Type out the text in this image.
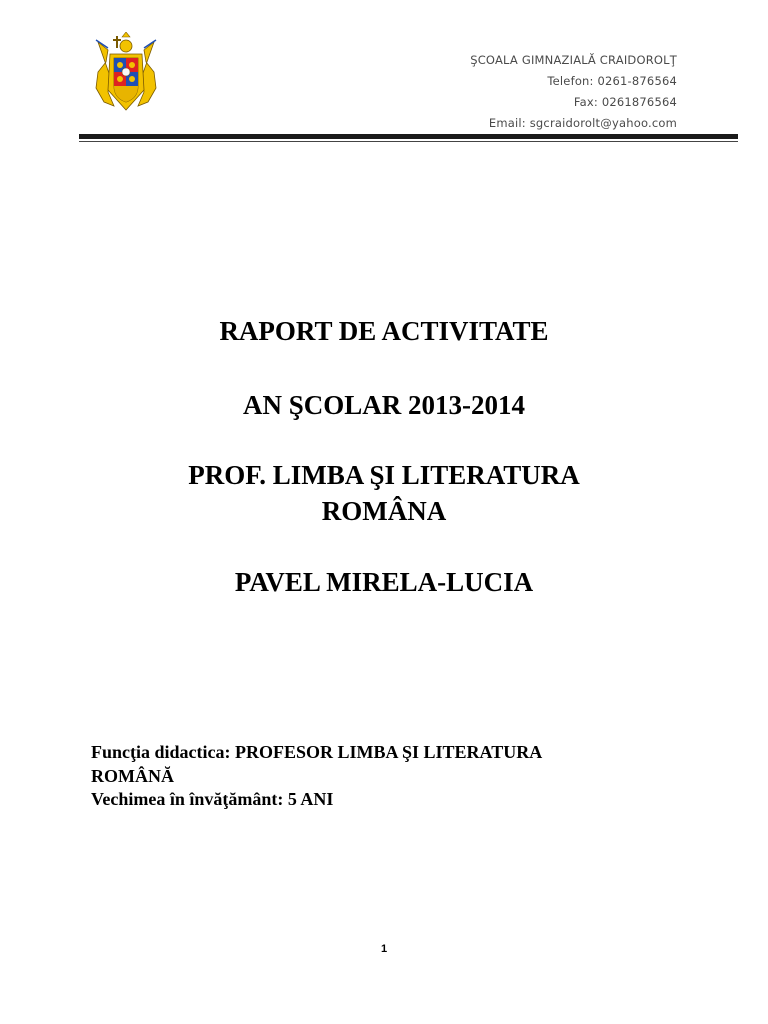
ŞCOALA GIMNAZIALĂ CRAIDOROLŢ
Telefon: 0261-876564
Fax: 0261876564
Email: sgcraidorolt@yahoo.com
RAPORT DE ACTIVITATE
AN ŞCOLAR 2013-2014
PROF. LIMBA ŞI LITERATURA
ROMÂNA
PAVEL MIRELA-LUCIA
Funcţia didactica: PROFESOR LIMBA ŞI LITERATURA
ROMÂNĂ
Vechimea în învăţământ: 5 ANI
1
